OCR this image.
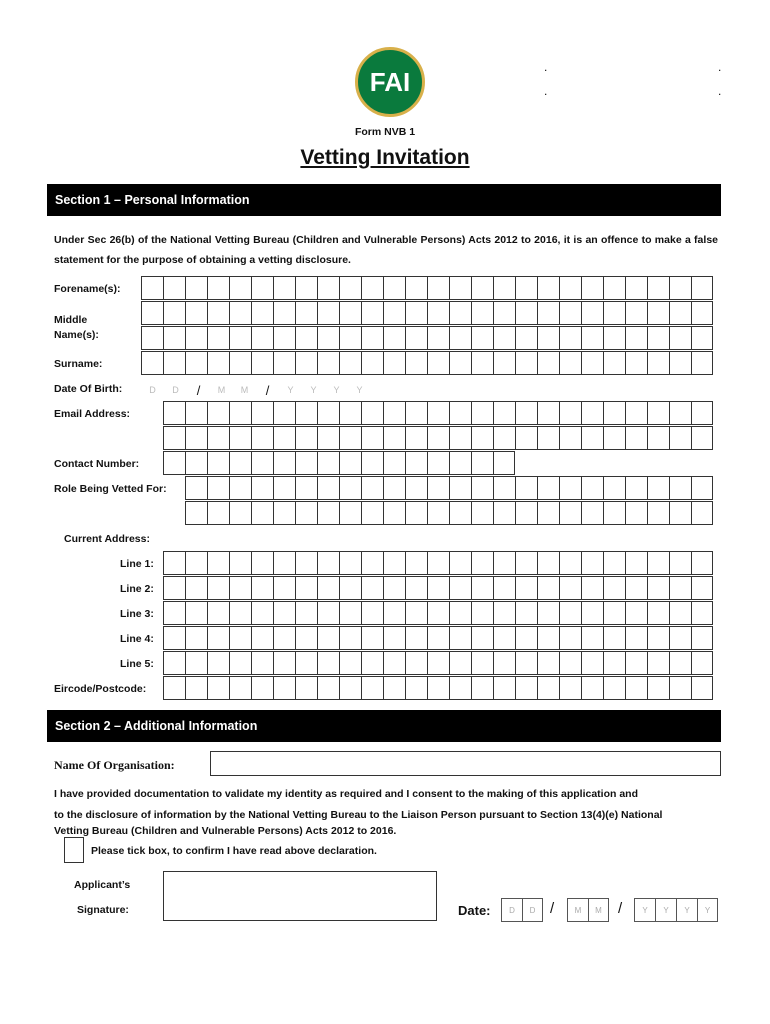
FAI	.	.
.	.
Form NVB 1
Vetting Invitation
Section 1 – Personal Information
Under Sec 26(b) of the National Vetting Bureau (Children and Vulnerable Persons) Acts 2012 to 2016, it is an offence to make a false statement for the purpose of obtaining a vetting disclosure.
Forename(s):
Middle
Name(s):
Surname:
Date Of Birth:	D	D	/	M	M	/	Y	Y	Y	Y
Email Address:
Contact Number:
Role Being Vetted For:
Current Address:
Line 1:
Line 2:
Line 3:
Line 4:
Line 5:
Eircode/Postcode:
Section 2 – Additional Information
Name Of Organisation:
I have provided documentation to validate my identity as required and I consent to the making of this application and
to the disclosure of information by the National Vetting Bureau to the Liaison Person pursuant to Section 13(4)(e) National
Vetting Bureau (Children and Vulnerable Persons) Acts 2012 to 2016.
Please tick box, to confirm I have read above declaration.
Applicant’s
Signature:	Date:	D	D /	M	M	/	Y	Y	Y	Y
